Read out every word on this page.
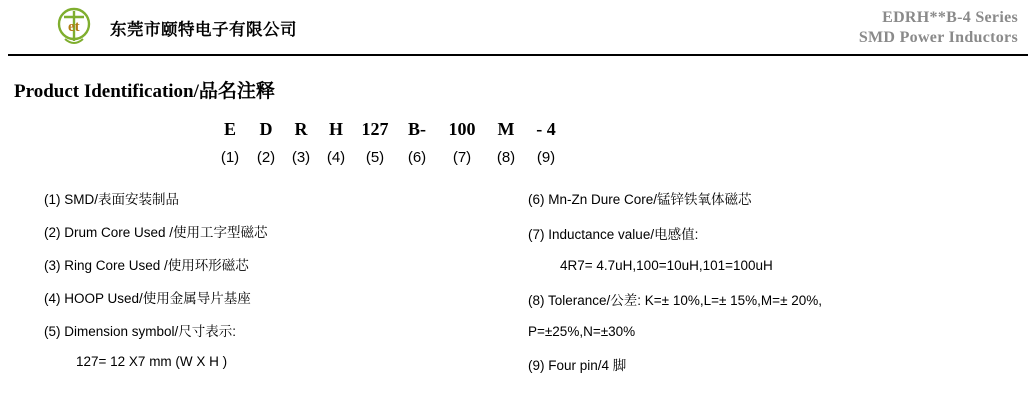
et 东莞市颐特电子有限公司
EDRH**B-4 Series
SMD Power Inductors
Product Identification/品名注释
E	D	R	H	127	B-	100	M	- 4
(1)	(2)	(3)	(4)	(5)	(6)	(7)	(8)	(9)
(1) SMD/表面安装制品
(2) Drum Core Used /使用工字型磁芯
(3) Ring Core Used /使用环形磁芯
(4) HOOP Used/使用金属导片基座
(5) Dimension symbol/尺寸表示:
127= 12 X7 mm (W X H )
(6) Mn-Zn Dure Core/锰锌铁氧体磁芯
(7) Inductance value/电感值:
4R7= 4.7uH,100=10uH,101=100uH
(8) Tolerance/公差: K=± 10%,L=± 15%,M=± 20%,
P=±25%,N=±30%
(9) Four pin/4 脚
